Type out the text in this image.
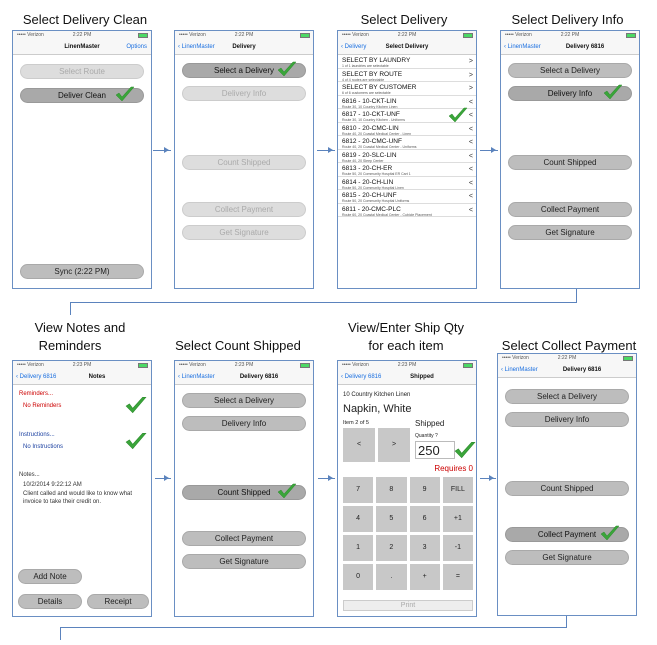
Select Delivery Clean	Select Delivery	Select Delivery Info
View Notes and
Reminders	Select Count Shipped
View/Enter Ship Qty
for each item	Select Collect Payment
••••• Verizon	2:22 PM
LinenMaster	Options
Select Route
Deliver Clean
Sync (2:22 PM)
••••• Verizon	2:22 PM
‹ LinenMaster	Delivery
Select a Delivery
Delivery Info
Count Shipped
Collect Payment
Get Signature
••••• Verizon	2:22 PM
‹ Delivery	Select Delivery
SELECT BY LAUNDRY
1 of 1 laundries are selectable
>
SELECT BY ROUTE
4 of 4 routes are selectable
>
SELECT BY CUSTOMER
6 of 6 customers are selectable
>
6816 - 10-CKT-LIN
Route 30, 10 Country Kitchen Linen
<
6817 - 10-CKT-UNF
Route 30, 10 Country Kitchen - Uniforms
<
6810 - 20-CMC-LIN
Route 40, 20 Coastal Medical Center - Linen
<
6812 - 20-CMC-UNF
Route 40, 20 Coastal Medical Center - Uniforms
<
6819 - 20-SLC-LIN
Route 40, 20 Sleep Center
<
6813 - 20-CH-ER
Route 50, 20 Community Hospital ER Cart 1
<
6814 - 20-CH-LIN
Route 50, 20 Community Hospital Linen
<
6815 - 20-CH-UNF
Route 50, 20 Community Hospital Uniforms
<
6811 - 20-CMC-PLC
Route 60, 20 Coastal Medical Center - Cubicle Placement
<
••••• Verizon	2:22 PM
‹ LinenMaster	Delivery 6816
Select a Delivery
Delivery Info
Count Shipped
Collect Payment
Get Signature
••••• Verizon	2:23 PM
‹ Delivery 6816	Notes
Reminders...
No Reminders
Instructions...
No Instructions
Notes...
10/2/2014 9:22:12 AM
Client called and would like to know what invoice to take their credit on.
Add Note
Details	Receipt
••••• Verizon	2:23 PM
‹ LinenMaster	Delivery 6816
Select a Delivery
Delivery Info
Count Shipped
Collect Payment
Get Signature
••••• Verizon	2:23 PM
‹ Delivery 6816	Shipped
10 Country Kitchen Linen
Napkin, White
Item 2 of 5
<	>
Shipped
Quantity ?
250
Requires 0
7	8	9	FILL
4	5	6	+1
1	2	3	-1
0	.	+	=
Print
••••• Verizon	2:22 PM
‹ LinenMaster	Delivery 6816
Select a Delivery
Delivery Info
Count Shipped
Collect Payment
Get Signature
